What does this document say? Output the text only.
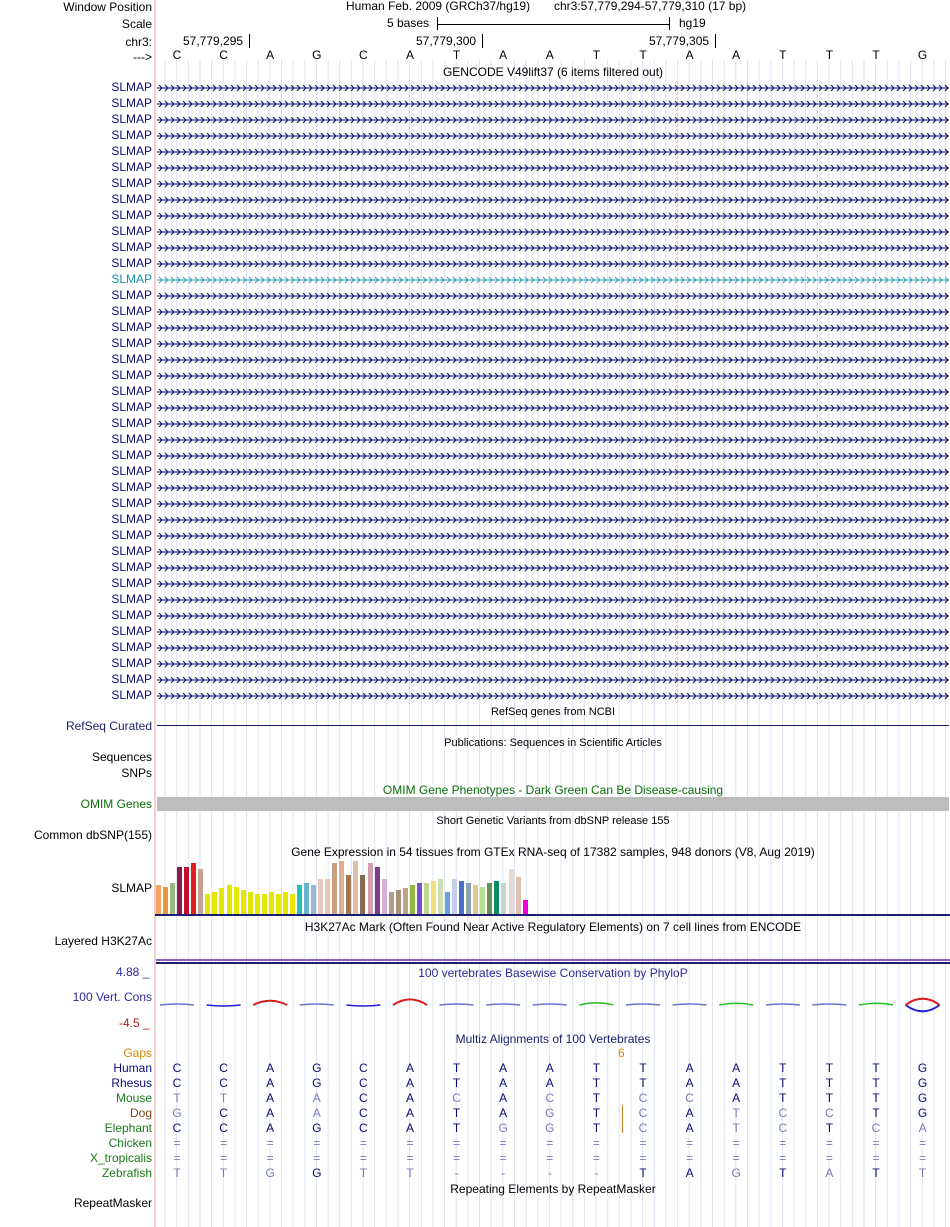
Window Position
Scale
chr3:
--->
Human Feb. 2009 (GRCh37/hg19) chr3:57,779,294-57,779,310 (17 bp)
5 bases	hg19
57,779,295	57,779,300	57,779,305
C	C	A	G	C	A	T	A	A	T	T	A	A	T	T	T	G
GENCODE V49lift37 (6 items filtered out)
SLMAP
SLMAP
SLMAP
SLMAP
SLMAP
SLMAP
SLMAP
SLMAP
SLMAP
SLMAP
SLMAP
SLMAP
SLMAP
SLMAP
SLMAP
SLMAP
SLMAP
SLMAP
SLMAP
SLMAP
SLMAP
SLMAP
SLMAP
SLMAP
SLMAP
SLMAP
SLMAP
SLMAP
SLMAP
SLMAP
SLMAP
SLMAP
SLMAP
SLMAP
SLMAP
SLMAP
SLMAP
SLMAP
SLMAP
RefSeq genes from NCBI
RefSeq Curated
Publications: Sequences in Scientific Articles
Sequences
SNPs
OMIM Gene Phenotypes - Dark Green Can Be Disease-causing
OMIM Genes
Short Genetic Variants from dbSNP release 155
Common dbSNP(155)
Gene Expression in 54 tissues from GTEx RNA-seq of 17382 samples, 948 donors (V8, Aug 2019)
SLMAP
H3K27Ac Mark (Often Found Near Active Regulatory Elements) on 7 cell lines from ENCODE
Layered H3K27Ac
100 vertebrates Basewise Conservation by PhyloP
4.88 _
100 Vert. Cons
-4.5 _
Multiz Alignments of 100 Vertebrates
Gaps	6
Human	C	C	A	G	C	A	T	A	A	T	T	A	A	T	T	T	G
Rhesus	C	C	A	G	C	A	T	A	A	T	T	A	A	T	T	T	G
Mouse	T	T	A	A	C	A	C	A	C	T	C	C	A	T	T	T	G
Dog	G	C	A	A	C	A	T	A	G	T	C	A	T	C	C	T	G
Elephant	C	C	A	G	C	A	T	G	G	T	C	A	T	C	T	C	A
Chicken	=	=	=	=	=	=	=	=	=	=	=	=	=	=	=	=	=
X_tropicalis	=	=	=	=	=	=	=	=	=	=	=	=	=	=	=	=	=
Zebrafish	T	T	G	G	T	T	-	-	-	-	T	A	G	T	A	T	T
Repeating Elements by RepeatMasker
RepeatMasker
